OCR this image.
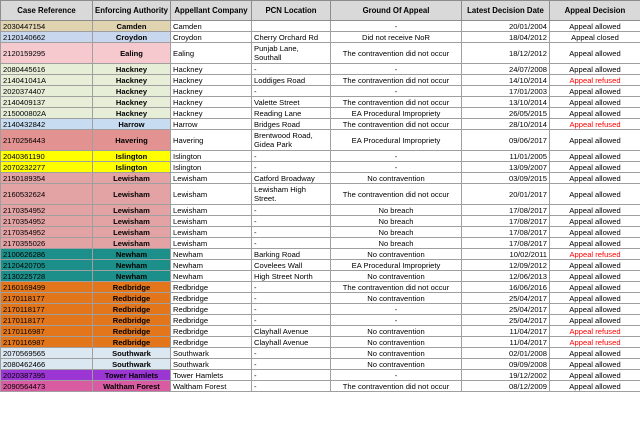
Case Reference	Enforcing Authority	Appellant Company	PCN Location	Ground Of Appeal	Latest Decision Date	Appeal Decision
2030447154	Camden	Camden		-	20/01/2004	Appeal allowed
2120140662	Croydon	Croydon	Cherry Orchard Rd	Did not receive NoR	18/04/2012	Appeal closed
2120159295	Ealing	Ealing	Punjab Lane, Southall	The contravention did not occur	18/12/2012	Appeal allowed
2080445616	Hackney	Hackney	-	-	24/07/2008	Appeal allowed
214041041A	Hackney	Hackney	Loddiges Road	The contravention did not occur	14/10/2014	Appeal refused
2020374407	Hackney	Hackney	-	-	17/01/2003	Appeal allowed
2140409137	Hackney	Hackney	Valette Street	The contravention did not occur	13/10/2014	Appeal allowed
215000802A	Hackney	Hackney	Reading Lane	EA Procedural Impropriety	26/05/2015	Appeal allowed
2140432842	Harrow	Harrow	Bridges Road	The contravention did not occur	28/10/2014	Appeal refused
2170256443	Havering	Havering	Brentwood Road, Gidea Park	EA Procedural Impropriety	09/06/2017	Appeal allowed
2040361190	Islington	Islington	-	-	11/01/2005	Appeal allowed
2070232277	Islington	Islington	-	-	13/09/2007	Appeal allowed
2150189354	Lewisham	Lewisham	Catford Broadway	No contravention	03/09/2015	Appeal allowed
2160532624	Lewisham	Lewisham	Lewisham High Street.	The contravention did not occur	20/01/2017	Appeal allowed
2170354952	Lewisham	Lewisham	-	No breach	17/08/2017	Appeal allowed
2170354952	Lewisham	Lewisham	-	No breach	17/08/2017	Appeal allowed
2170354952	Lewisham	Lewisham	-	No breach	17/08/2017	Appeal allowed
2170355026	Lewisham	Lewisham	-	No breach	17/08/2017	Appeal allowed
2100626286	Newham	Newham	Barking Road	No contravention	10/02/2011	Appeal refused
2120420705	Newham	Newham	Covelees Wall	EA Procedural Impropriety	12/09/2012	Appeal allowed
2130225728	Newham	Newham	High Street North	No contravention	12/06/2013	Appeal allowed
2160169499	Redbridge	Redbridge	-	The contravention did not occur	16/06/2016	Appeal allowed
2170118177	Redbridge	Redbridge	-	No contravention	25/04/2017	Appeal allowed
2170118177	Redbridge	Redbridge	-	-	25/04/2017	Appeal allowed
2170118177	Redbridge	Redbridge	-	-	25/04/2017	Appeal allowed
2170116987	Redbridge	Redbridge	Clayhall Avenue	No contravention	11/04/2017	Appeal refused
2170116987	Redbridge	Redbridge	Clayhall Avenue	No contravention	11/04/2017	Appeal refused
2070569565	Southwark	Southwark	-	No contravention	02/01/2008	Appeal allowed
2080462466	Southwark	Southwark	-	No contravention	09/09/2008	Appeal allowed
2020387395	Tower Hamlets	Tower Hamlets	-	-	19/12/2002	Appeal allowed
2090564473	Waltham Forest	Waltham Forest	-	The contravention did not occur	08/12/2009	Appeal allowed
